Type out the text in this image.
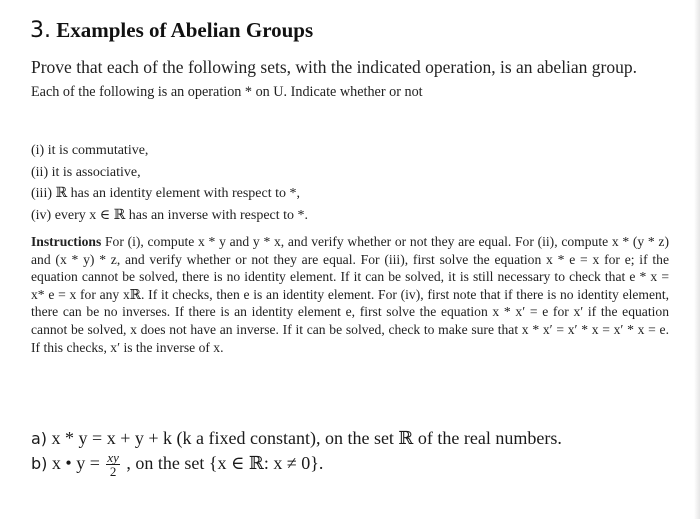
3. Examples of Abelian Groups
Prove that each of the following sets, with the indicated operation, is an abelian group.
Each of the following is an operation * on U. Indicate whether or not
(i) it is commutative,
(ii) it is associative,
(iii) ℝ has an identity element with respect to *,
(iv) every x ∈ ℝ has an inverse with respect to *.

Instructions For (i), compute x * y and y * x, and verify whether or not they are equal. For (ii), compute x * (y * z) and (x * y) * z, and verify whether or not they are equal. For (iii), first solve the equation x * e = x for e; if the equation cannot be solved, there is no identity element. If it can be solved, it is still necessary to check that e * x = x* e = x for any xℝ. If it checks, then e is an identity element. For (iv), first note that if there is no identity element, there can be no inverses. If there is an identity element e, first solve the equation x * x′ = e for x′ if the equation cannot be solved, x does not have an inverse. If it can be solved, check to make sure that x * x′ = x′ * x = x′ * x = e. If this checks, x′ is the inverse of x.

a) x * y = x + y + k (k a fixed constant), on the set ℝ of the real numbers.
b) x • $y = \frac{xy}{2}$ , on the set {x ∈ ℝ: x ≠ 0}.
